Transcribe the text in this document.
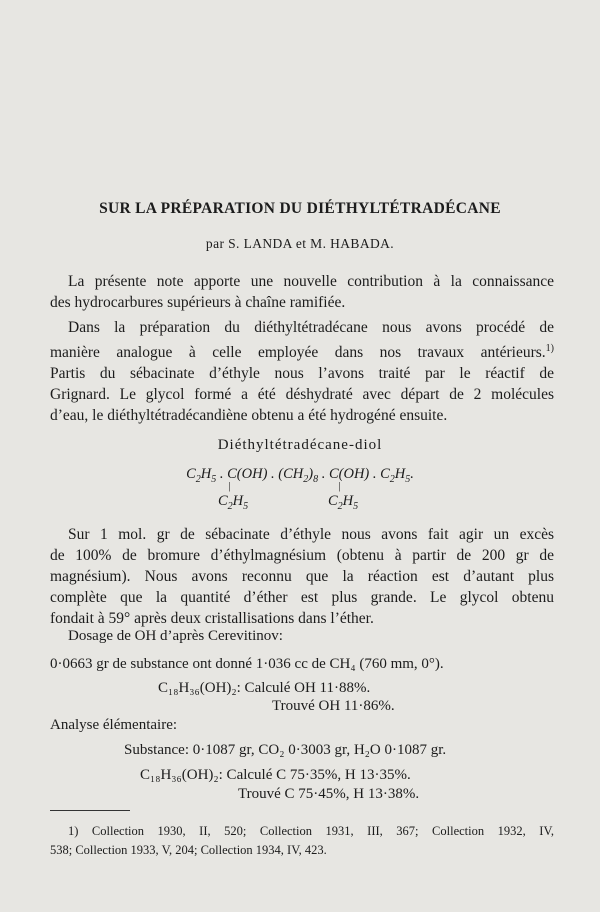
SUR LA PRÉPARATION DU DIÉTHYLTÉTRADÉCANE
par S. LANDA et M. HABADA.
La présente note apporte une nouvelle contribution à la connaissance
des hydrocarbures supérieurs à chaîne ramifiée.
Dans la préparation du diéthyltétradécane nous avons procédé de
manière analogue à celle employée dans nos travaux antérieurs.$^{1)}$
Partis du sébacinate d’éthyle nous l’avons traité par le réactif de
Grignard. Le glycol formé a été déshydraté avec départ de 2 molécules
d’eau, le diéthyltétradécandiène obtenu a été hydrogéné ensuite.
Diéthyltétradécane-diol
$C_2H_5$ . C(OH) . $(CH_2)_8$ . C(OH) . $C_2H_5$.
|	|
$C_2H_5$	$C_2H_5$
Sur 1 mol. gr de sébacinate d’éthyle nous avons fait agir un excès
de 100% de bromure d’éthylmagnésium (obtenu à partir de 200 gr de
magnésium). Nous avons reconnu que la réaction est d’autant plus
complète que la quantité d’éther est plus grande. Le glycol obtenu
fondait à 59° après deux cristallisations dans l’éther.
Dosage de OH d’après Cerevitinov:
0·0663 gr de substance ont donné 1·036 cc de CH₄ (760 mm, 0°).
C₁₈H₃₆(OH)₂: Calculé OH 11·88%.
Trouvé OH 11·86%.
Analyse élémentaire:
Substance: 0·1087 gr, CO₂ 0·3003 gr, H₂O 0·1087 gr.
C₁₈H₃₆(OH)₂: Calculé C 75·35%, H 13·35%.
Trouvé C 75·45%, H 13·38%.
1) Collection 1930, II, 520; Collection 1931, III, 367; Collection 1932, IV,
538; Collection 1933, V, 204; Collection 1934, IV, 423.
